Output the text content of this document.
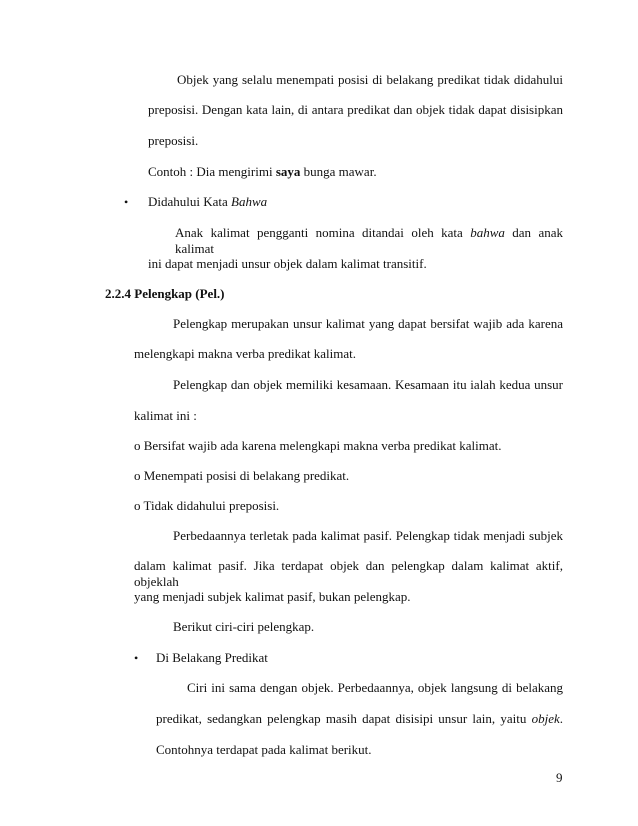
Objek yang selalu menempati posisi di belakang predikat tidak didahului
preposisi. Dengan kata lain, di antara predikat dan objek tidak dapat disisipkan
preposisi.
Contoh : Dia mengirimi saya bunga mawar.
• Didahului Kata Bahwa
Anak kalimat pengganti nomina ditandai oleh kata bahwa dan anak kalimat
ini dapat menjadi unsur objek dalam kalimat transitif.
2.2.4 Pelengkap (Pel.)
Pelengkap merupakan unsur kalimat yang dapat bersifat wajib ada karena
melengkapi makna verba predikat kalimat.
Pelengkap dan objek memiliki kesamaan. Kesamaan itu ialah kedua unsur
kalimat ini :
o Bersifat wajib ada karena melengkapi makna verba predikat kalimat.
o Menempati posisi di belakang predikat.
o Tidak didahului preposisi.
Perbedaannya terletak pada kalimat pasif. Pelengkap tidak menjadi subjek
dalam kalimat pasif. Jika terdapat objek dan pelengkap dalam kalimat aktif, objeklah
yang menjadi subjek kalimat pasif, bukan pelengkap.
Berikut ciri-ciri pelengkap.
• Di Belakang Predikat
Ciri ini sama dengan objek. Perbedaannya, objek langsung di belakang
predikat, sedangkan pelengkap masih dapat disisipi unsur lain, yaitu objek.
Contohnya terdapat pada kalimat berikut.
9
